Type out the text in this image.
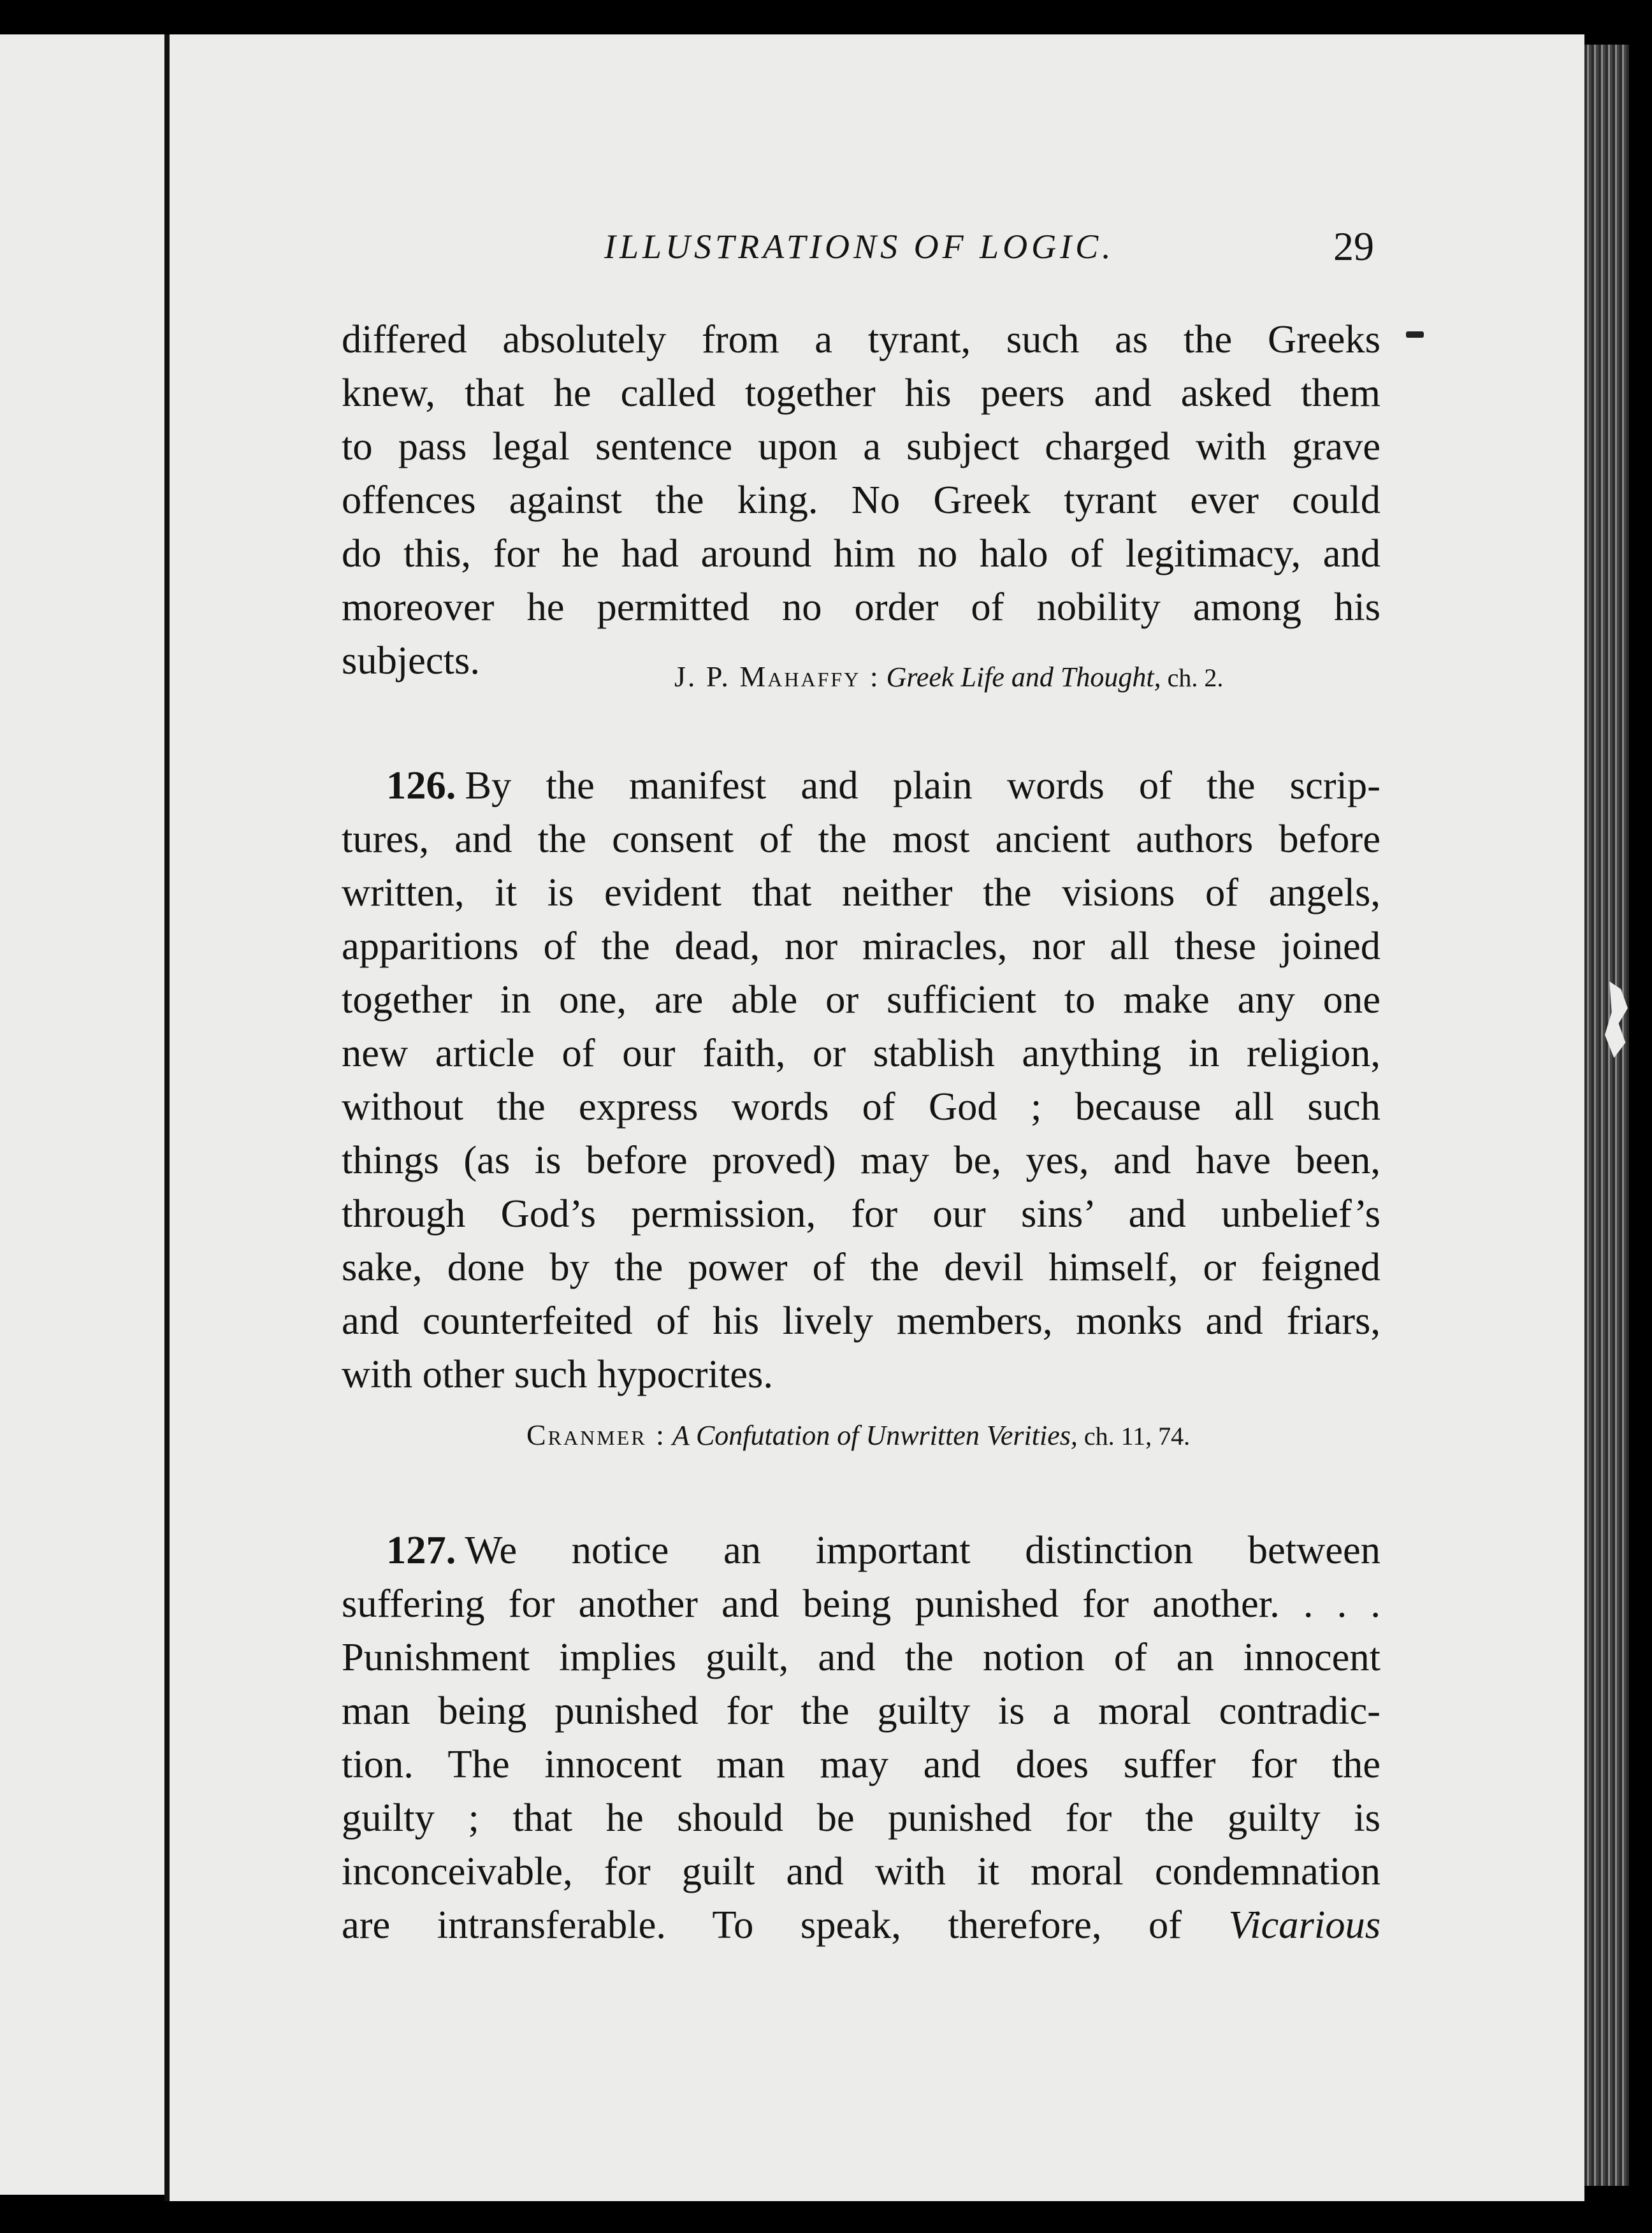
ILLUSTRATIONS OF LOGIC.	29
differed absolutely from a tyrant, such as the Greeks
knew, that he called together his peers and asked them
to pass legal sentence upon a subject charged with grave
offences against the king. No Greek tyrant ever could
do this, for he had around him no halo of legitimacy, and
moreover he permitted no order of nobility among his
subjects.	J. P. Mahaffy : Greek Life and Thought, ch. 2.
126. By the manifest and plain words of the scrip-
tures, and the consent of the most ancient authors before
written, it is evident that neither the visions of angels,
apparitions of the dead, nor miracles, nor all these joined
together in one, are able or sufficient to make any one
new article of our faith, or stablish anything in religion,
without the express words of God ; because all such
things (as is before proved) may be, yes, and have been,
through God’s permission, for our sins’ and unbelief’s
sake, done by the power of the devil himself, or feigned
and counterfeited of his lively members, monks and friars,
with other such hypocrites.
Cranmer : A Confutation of Unwritten Verities, ch. 11, 74.
127. We notice an important distinction between
suffering for another and being punished for another. . . .
Punishment implies guilt, and the notion of an innocent
man being punished for the guilty is a moral contradic-
tion. The innocent man may and does suffer for the
guilty ; that he should be punished for the guilty is
inconceivable, for guilt and with it moral condemnation
are intransferable. To speak, therefore, of Vicarious
